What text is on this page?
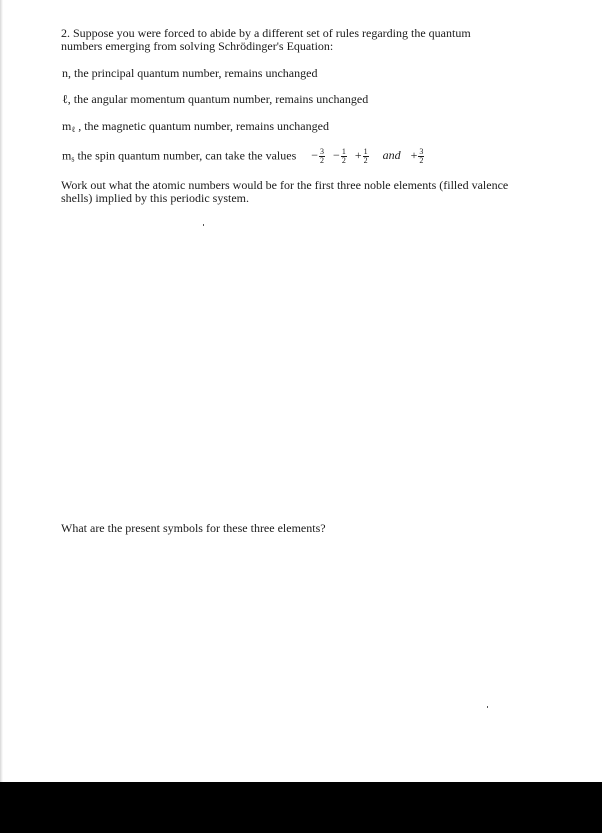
2. Suppose you were forced to abide by a different set of rules regarding the quantum
numbers emerging from solving Schrödinger's Equation:
n, the principal quantum number, remains unchanged
ℓ, the angular momentum quantum number, remains unchanged
$m_\ell$ , the magnetic quantum number, remains unchanged
$m_s$ the spin quantum number, can take the values − $\frac{3}{2} - \frac{1}{2} + \frac{1}{2}$ and + $\frac{3}{2}$
Work out what the atomic numbers would be for the first three noble elements (filled valence
shells) implied by this periodic system.
What are the present symbols for these three elements?
